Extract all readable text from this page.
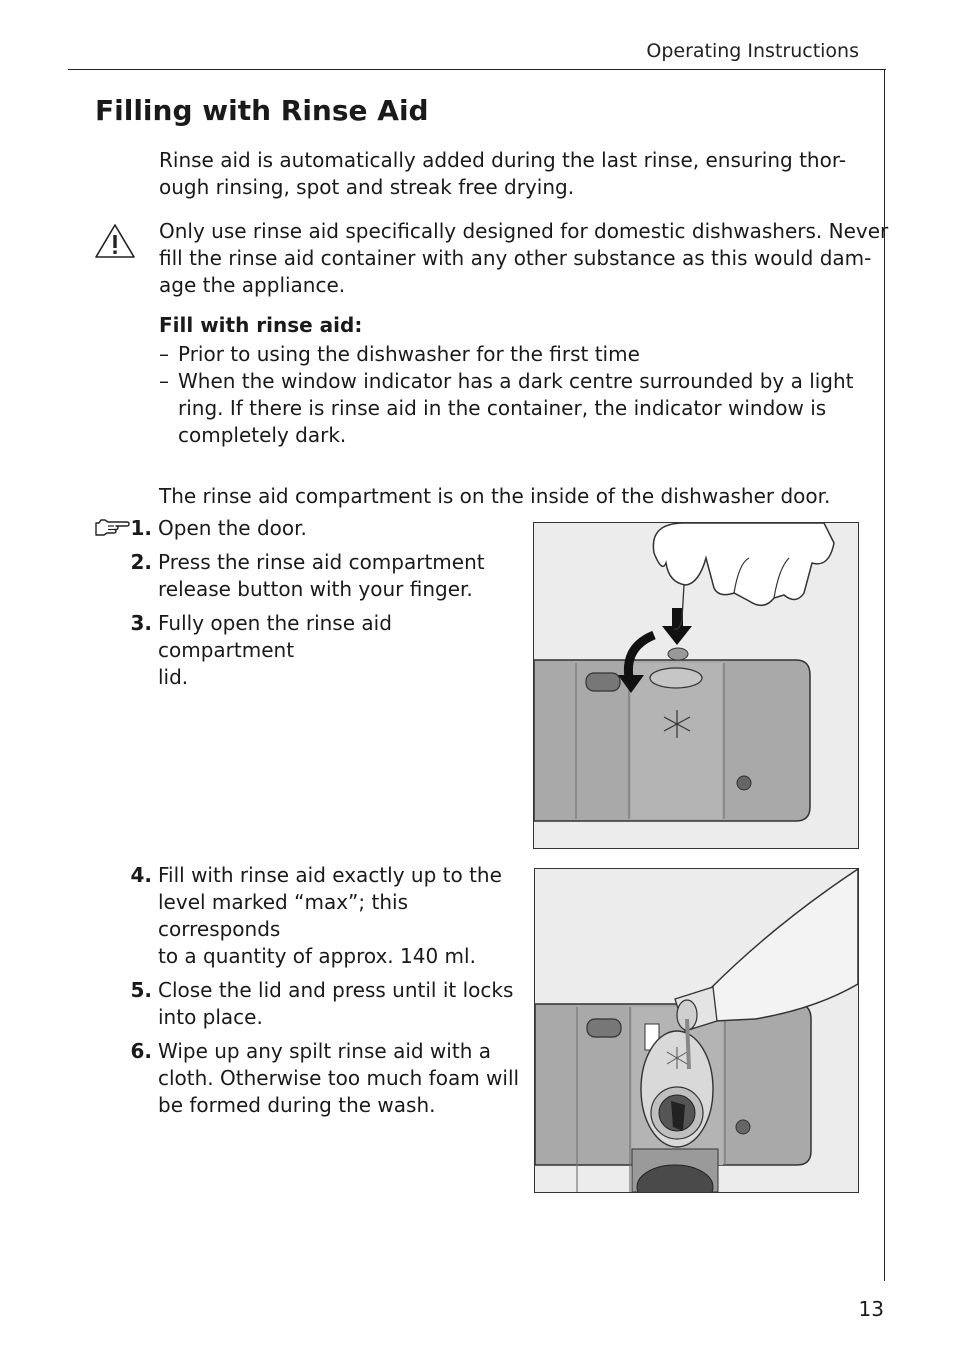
Operating Instructions
Filling with Rinse Aid
Rinse aid is automatically added during the last rinse, ensuring thor-
ough rinsing, spot and streak free drying.
Only use rinse aid specifically designed for domestic dishwashers. Never
fill the rinse aid container with any other substance as this would dam-
age the appliance.
Fill with rinse aid:
– Prior to using the dishwasher for the first time
– When the window indicator has a dark centre surrounded by a light
ring. If there is rinse aid in the container, the indicator window is
completely dark.
The rinse aid compartment is on the inside of the dishwasher door.
1. Open the door.
2. Press the rinse aid compartment
release button with your finger.
3. Fully open the rinse aid compartment
lid.
4. Fill with rinse aid exactly up to the
level marked “max”; this corresponds
to a quantity of approx. 140 ml.
5. Close the lid and press until it locks
into place.
6. Wipe up any spilt rinse aid with a
cloth. Otherwise too much foam will
be formed during the wash.
13
